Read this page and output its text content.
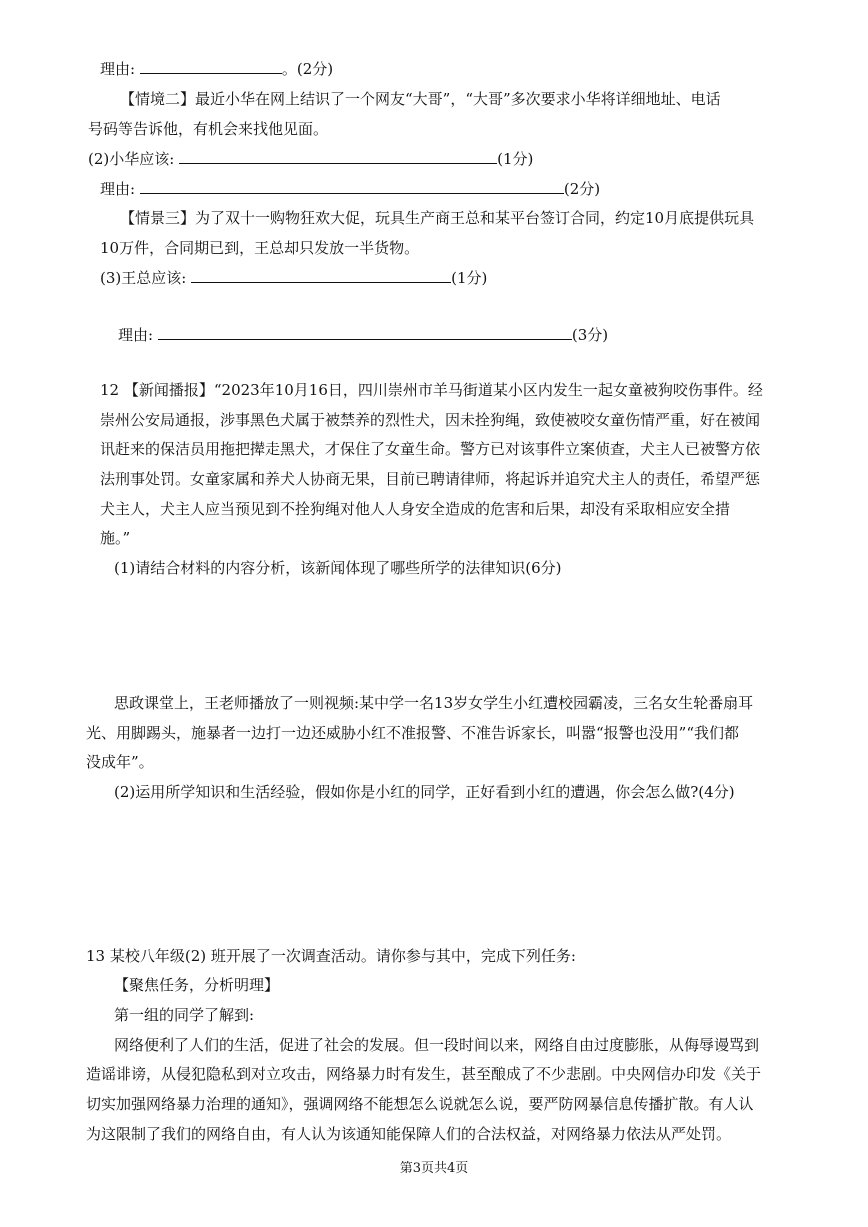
理由:	。(2分)
【情境二】最近小华在网上结识了一个网友“大哥”，“大哥”多次要求小华将详细地址、电话
号码等告诉他，有机会来找他见面。
(2)小华应该:	(1分)
理由:	(2分)
【情景三】为了双十一购物狂欢大促，玩具生产商王总和某平台签订合同，约定10月底提供玩具
10万件，合同期已到，王总却只发放一半货物。
(3)王总应该:	(1分)
理由:	(3分)
12 【新闻播报】“2023年10月16日，四川崇州市羊马街道某小区内发生一起女童被狗咬伤事件。经
崇州公安局通报，涉事黑色犬属于被禁养的烈性犬，因未拴狗绳，致使被咬女童伤情严重，好在被闻
讯赶来的保洁员用拖把撵走黑犬，才保住了女童生命。警方已对该事件立案侦查，犬主人已被警方依
法刑事处罚。女童家属和养犬人协商无果，目前已聘请律师，将起诉并追究犬主人的责任，希望严惩
犬主人，犬主人应当预见到不拴狗绳对他人人身安全造成的危害和后果，却没有采取相应安全措
施。”
(1)请结合材料的内容分析，该新闻体现了哪些所学的法律知识(6分)
思政课堂上，王老师播放了一则视频:某中学一名13岁女学生小红遭校园霸凌，三名女生轮番扇耳
光、用脚踢头，施暴者一边打一边还威胁小红不准报警、不准告诉家长，叫嚣“报警也没用”“我们都
没成年”。
(2)运用所学知识和生活经验，假如你是小红的同学，正好看到小红的遭遇，你会怎么做?(4分)
13 某校八年级(2) 班开展了一次调查活动。请你参与其中，完成下列任务:
【聚焦任务，分析明理】
第一组的同学了解到:
网络便利了人们的生活，促进了社会的发展。但一段时间以来，网络自由过度膨胀，从侮辱谩骂到
造谣诽谤，从侵犯隐私到对立攻击，网络暴力时有发生，甚至酿成了不少悲剧。中央网信办印发《关于
切实加强网络暴力治理的通知》，强调网络不能想怎么说就怎么说，要严防网暴信息传播扩散。有人认
为这限制了我们的网络自由，有人认为该通知能保障人们的合法权益，对网络暴力依法从严处罚。
第3页共4页
